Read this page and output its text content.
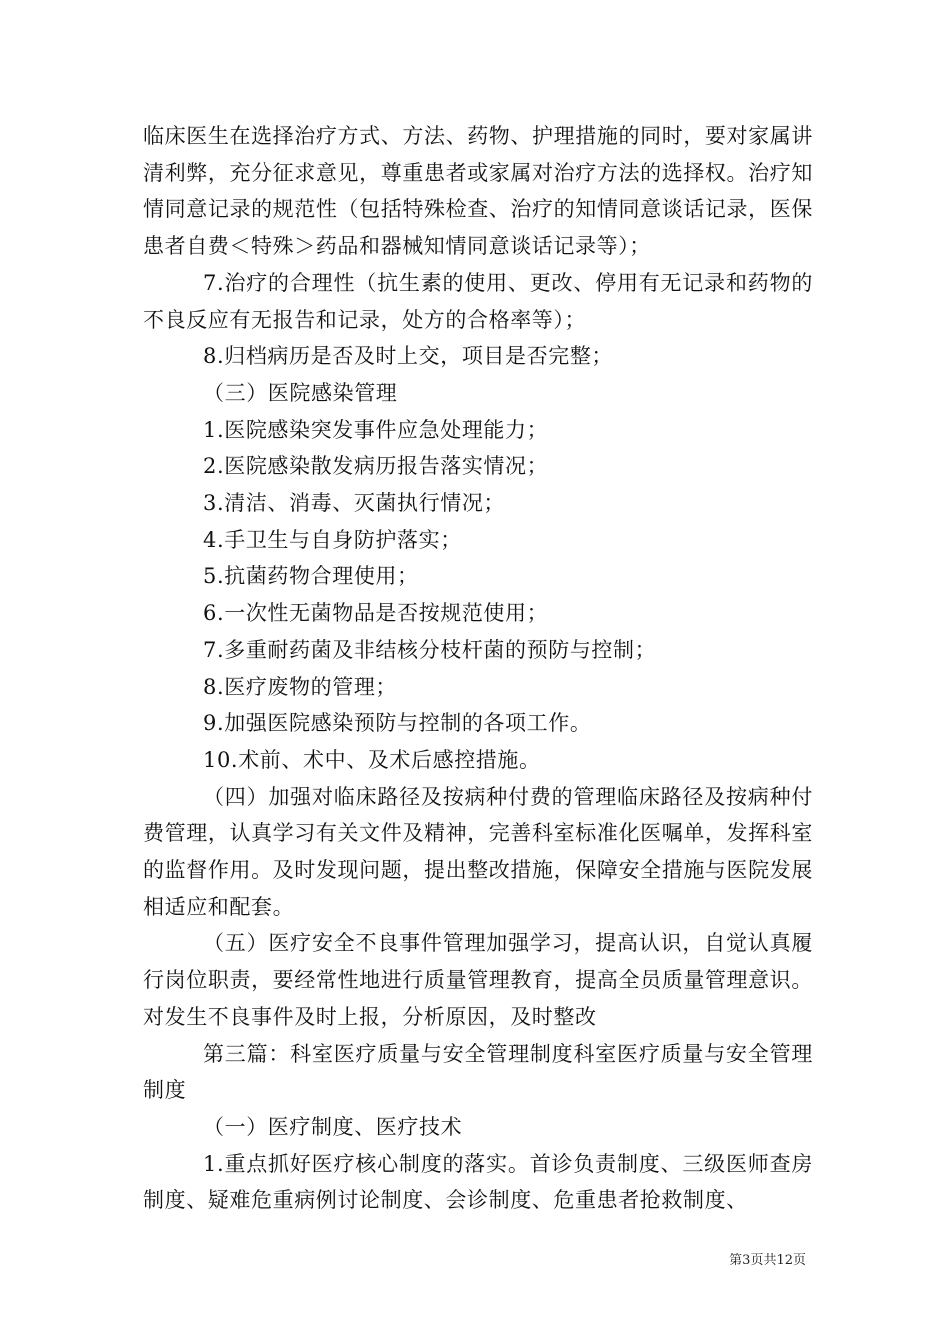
临床医生在选择治疗方式、方法、药物、护理措施的同时，要对家属讲清利弊，充分征求意见，尊重患者或家属对治疗方法的选择权。治疗知情同意记录的规范性（包括特殊检查、治疗的知情同意谈话记录，医保患者自费＜特殊＞药品和器械知情同意谈话记录等）；

7.治疗的合理性（抗生素的使用、更改、停用有无记录和药物的不良反应有无报告和记录，处方的合格率等）；

8.归档病历是否及时上交，项目是否完整；

（三）医院感染管理

1.医院感染突发事件应急处理能力；

2.医院感染散发病历报告落实情况；

3.清洁、消毒、灭菌执行情况；

4.手卫生与自身防护落实；

5.抗菌药物合理使用；

6.一次性无菌物品是否按规范使用；

7.多重耐药菌及非结核分枝杆菌的预防与控制；

8.医疗废物的管理；

9.加强医院感染预防与控制的各项工作。

10.术前、术中、及术后感控措施。

（四）加强对临床路径及按病种付费的管理临床路径及按病种付费管理，认真学习有关文件及精神，完善科室标准化医嘱单，发挥科室的监督作用。及时发现问题，提出整改措施，保障安全措施与医院发展相适应和配套。

（五）医疗安全不良事件管理加强学习，提高认识，自觉认真履行岗位职责，要经常性地进行质量管理教育，提高全员质量管理意识。对发生不良事件及时上报，分析原因，及时整改

第三篇：科室医疗质量与安全管理制度科室医疗质量与安全管理制度

（一）医疗制度、医疗技术

1.重点抓好医疗核心制度的落实。首诊负责制度、三级医师查房制度、疑难危重病例讨论制度、会诊制度、危重患者抢救制度、

第3页共12页
